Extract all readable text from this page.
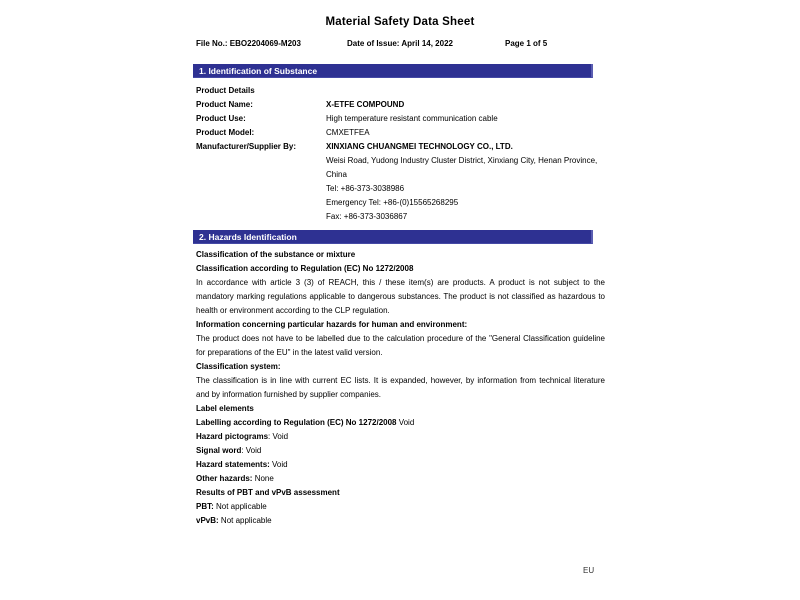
Material Safety Data Sheet
File No.: EBO2204069-M203	Date of Issue: April 14, 2022	Page 1 of 5
1. Identification of Substance
Product Details
Product Name:	X-ETFE COMPOUND
Product Use:	High temperature resistant communication cable
Product Model:	CMXETFEA
Manufacturer/Supplier By:	XINXIANG CHUANGMEI TECHNOLOGY CO., LTD.
Weisi Road, Yudong Industry Cluster District, Xinxiang City, Henan Province,
China
Tel: +86-373-3038986
Emergency Tel: +86-(0)15565268295
Fax: +86-373-3036867
2. Hazards Identification
Classification of the substance or mixture
Classification according to Regulation (EC) No 1272/2008
In accordance with article 3 (3) of REACH, this / these item(s) are products. A product is not subject to the mandatory marking regulations applicable to dangerous substances. The product is not classified as hazardous to health or environment according to the CLP regulation.
Information concerning particular hazards for human and environment:
The product does not have to be labelled due to the calculation procedure of the "General Classification guideline for preparations of the EU" in the latest valid version.
Classification system:
The classification is in line with current EC lists. It is expanded, however, by information from technical literature and by information furnished by supplier companies.
Label elements
Labelling according to Regulation (EC) No 1272/2008 Void
Hazard pictograms: Void
Signal word: Void
Hazard statements: Void
Other hazards: None
Results of PBT and vPvB assessment
PBT: Not applicable
vPvB: Not applicable
EU
